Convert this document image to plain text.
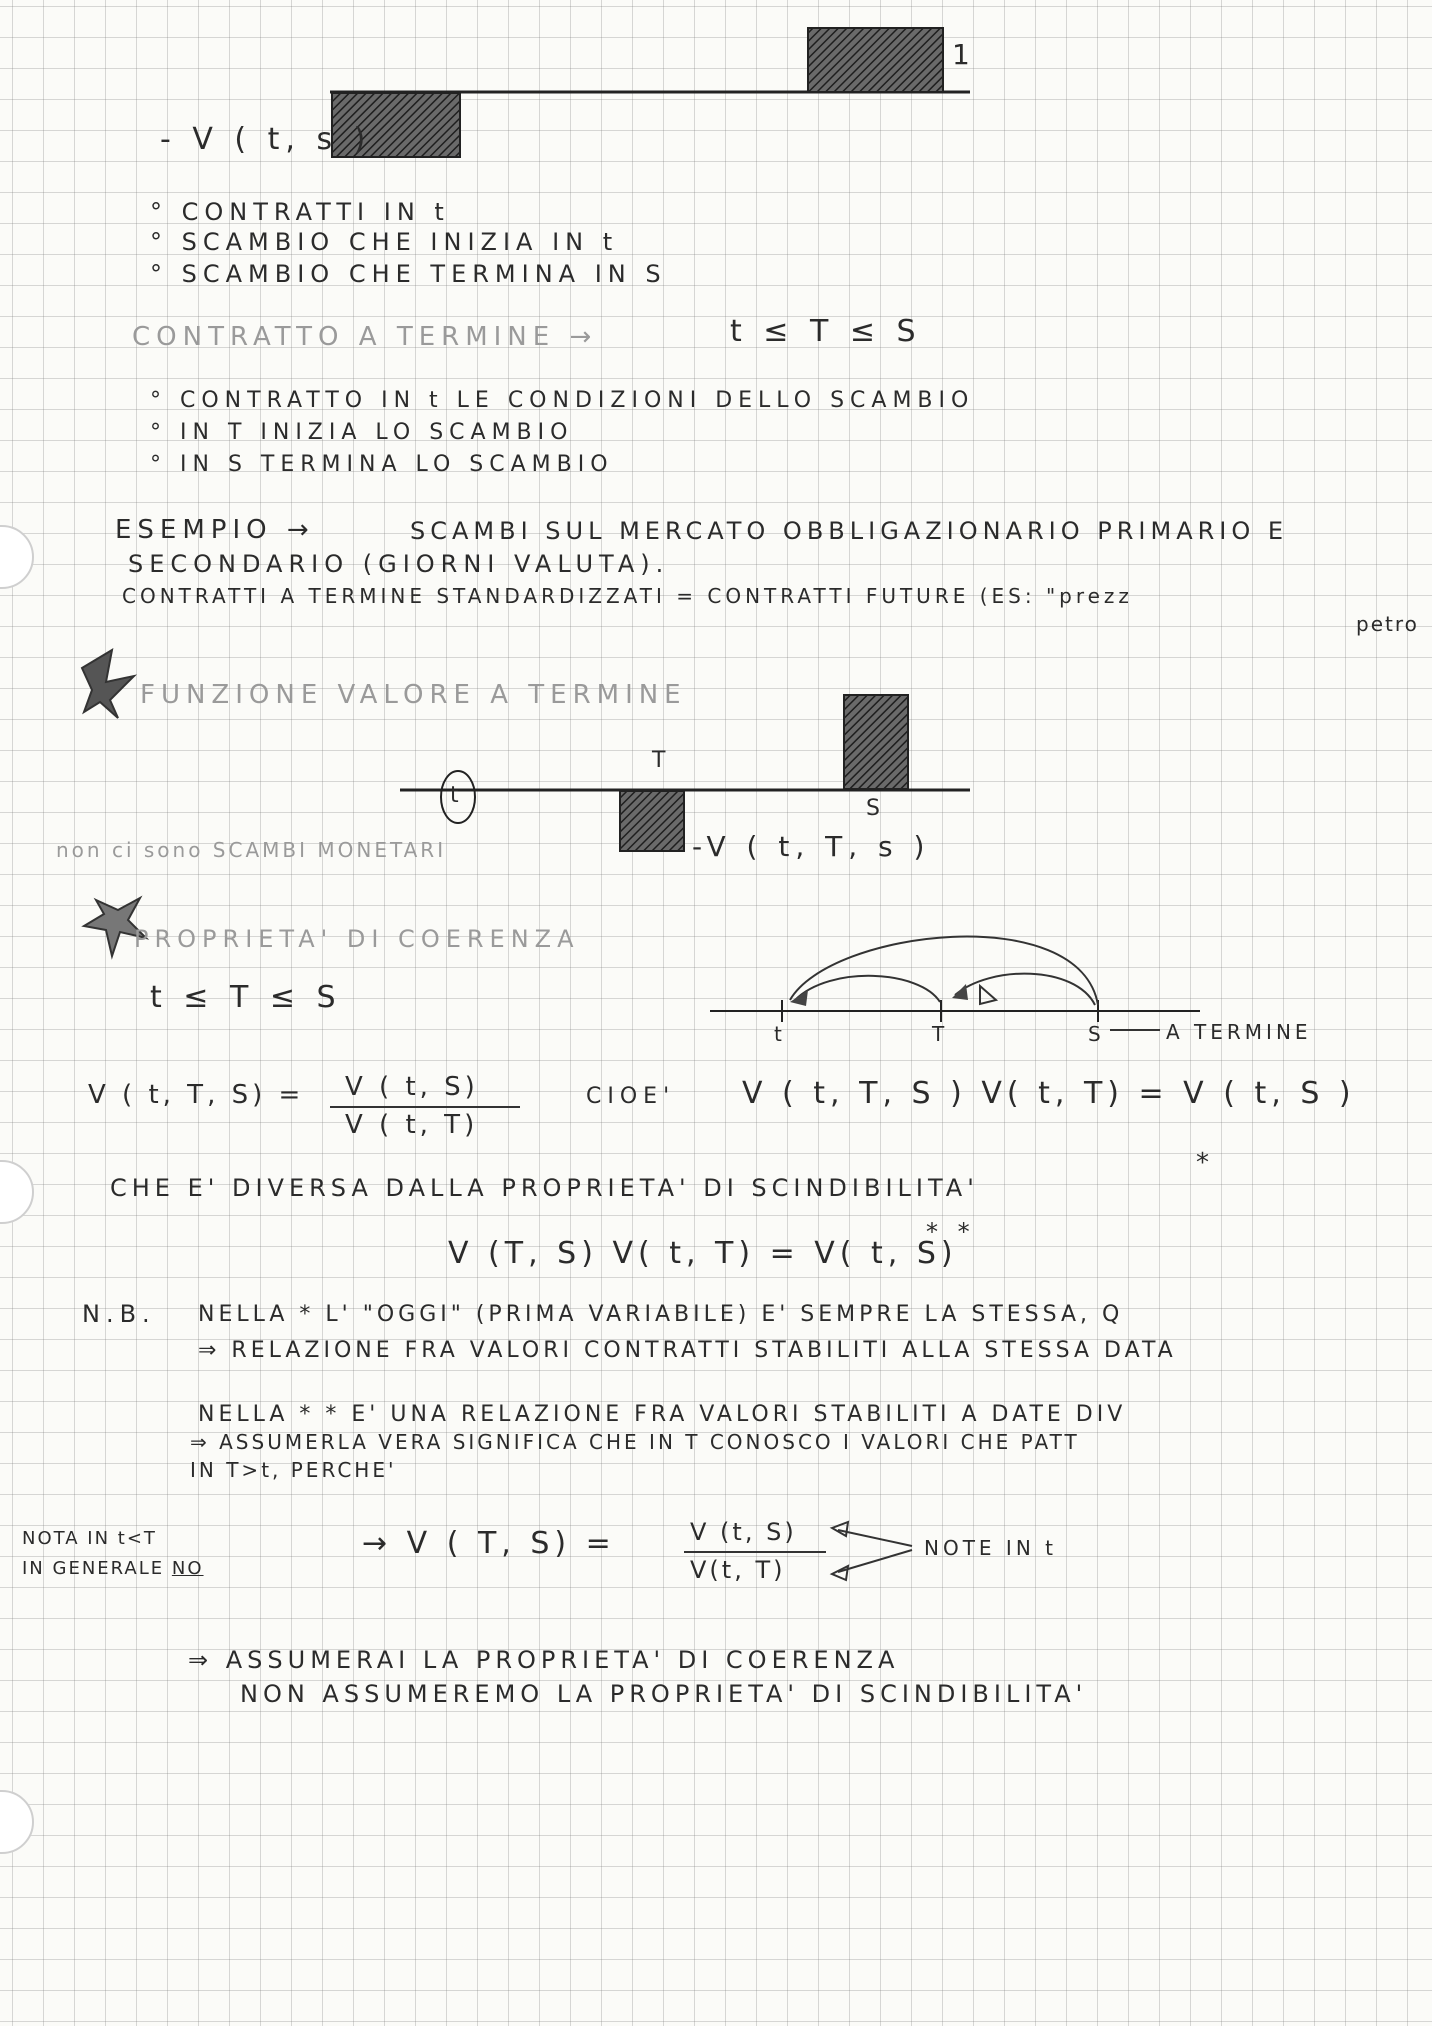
1
- V ( t, s )
° CONTRATTI IN t
° SCAMBIO CHE INIZIA IN t
° SCAMBIO CHE TERMINA IN S
CONTRATTO A TERMINE →	t ≤ T ≤ S
° CONTRATTO IN t LE CONDIZIONI DELLO SCAMBIO
° IN T INIZIA LO SCAMBIO
° IN S TERMINA LO SCAMBIO
ESEMPIO →	SCAMBI SUL MERCATO OBBLIGAZIONARIO PRIMARIO E
SECONDARIO (GIORNI VALUTA).
CONTRATTI A TERMINE STANDARDIZZATI = CONTRATTI FUTURE (ES: "prezz
petro
FUNZIONE VALORE A TERMINE
T
t
S
non ci sono SCAMBI MONETARI	-V ( t, T, s )
PROPRIETA' DI COERENZA
t ≤ T ≤ S
t	T	S	A TERMINE
V ( t, T, S) = V ( t, S)
V ( t, T)
CIOE' V ( t, T, S ) V( t, T) = V ( t, S )
CHE E' DIVERSA DALLA PROPRIETA' DI SCINDIBILITA'
*
V (T, S) V( t, T) = V( t, S)
* *
N.B. NELLA * L' "OGGI" (PRIMA VARIABILE) E' SEMPRE LA STESSA, Q
⇒ RELAZIONE FRA VALORI CONTRATTI STABILITI ALLA STESSA DATA
NELLA * * E' UNA RELAZIONE FRA VALORI STABILITI A DATE DIV
⇒ ASSUMERLA VERA SIGNIFICA CHE IN T CONOSCO I VALORI CHE PATT
IN T>t, PERCHE'
NOTA IN t<T
IN GENERALE NO
→ V ( T, S) =	V (t, S)
V(t, T)
NOTE IN t
⇒ ASSUMERAI LA PROPRIETA' DI COERENZA
NON ASSUMEREMO LA PROPRIETA' DI SCINDIBILITA'
